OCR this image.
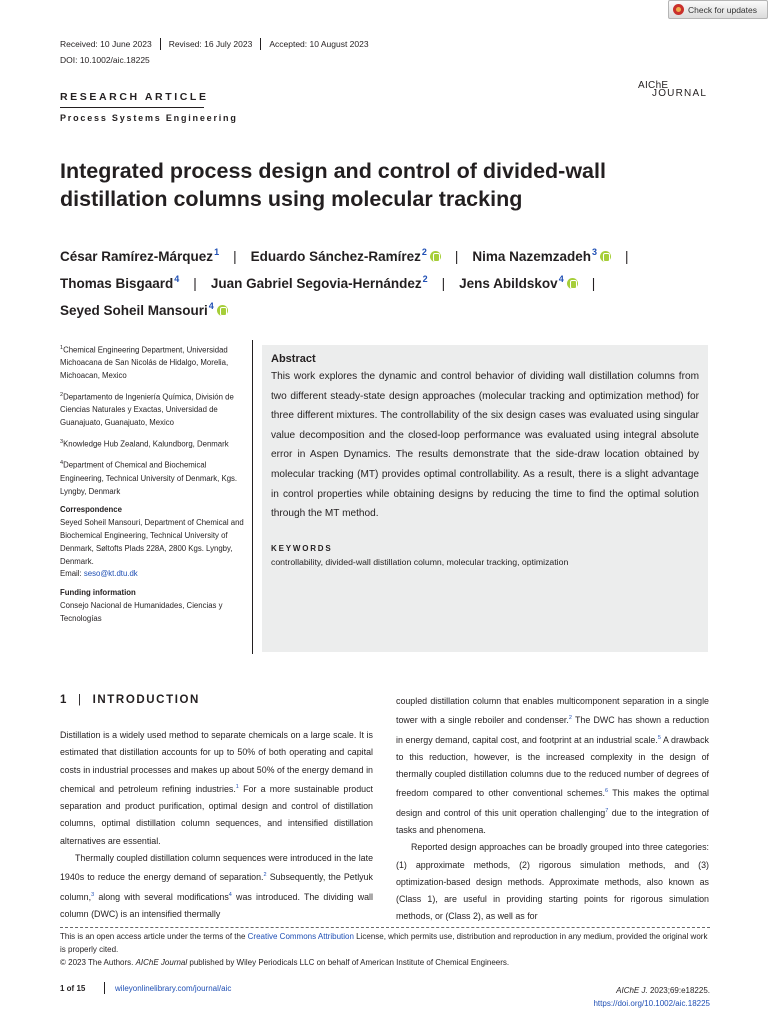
Check for updates
Received: 10 June 2023 Revised: 16 July 2023 Accepted: 10 August 2023
DOI: 10.1002/aic.18225
AIChE
JOURNAL
RESEARCH ARTICLE
Process Systems Engineering
Integrated process design and control of divided-wall distillation columns using molecular tracking
César Ramírez-Márquez$^1$ | Eduardo Sánchez-Ramírez$^2$ | Nima Nazemzadeh$^3$ |
Thomas Bisgaard$^4$ | Juan Gabriel Segovia-Hernández$^2$ | Jens Abildskov$^4$ |
Seyed Soheil Mansouri$^4$

$^1$Chemical Engineering Department, Universidad Michoacana de San Nicolás de Hidalgo, Morelia, Michoacan, Mexico

$^2$Departamento de Ingeniería Química, División de Ciencias Naturales y Exactas, Universidad de Guanajuato, Guanajuato, Mexico

$^3$Knowledge Hub Zealand, Kalundborg, Denmark

$^4$Department of Chemical and Biochemical Engineering, Technical University of Denmark, Kgs. Lyngby, Denmark

Correspondence

Seyed Soheil Mansouri, Department of Chemical and Biochemical Engineering, Technical University of Denmark, Søltofts Plads 228A, 2800 Kgs. Lyngby, Denmark.
Email: seso@kt.dtu.dk

Funding information

Consejo Nacional de Humanidades, Ciencias y Tecnologías

Abstract
This work explores the dynamic and control behavior of dividing wall distillation columns from two different steady-state design approaches (molecular tracking and optimization method) for three different mixtures. The controllability of the six design cases was evaluated using singular value decomposition and the closed-loop performance was evaluated using integral absolute error in Aspen Dynamics. The results demonstrate that the side-draw location obtained by molecular tracking (MT) provides optimal controllability. As a result, there is a slight advantage in control properties while obtaining designs by reducing the time to find the optimal solution through the MT method.
KEYWORDS
controllability, divided-wall distillation column, molecular tracking, optimization
1 | INTRODUCTION

Distillation is a widely used method to separate chemicals on a large scale. It is estimated that distillation accounts for up to 50% of both operating and capital costs in industrial processes and makes up about 50% of the energy demand in chemical and petroleum refining industries.$^1$ For a more sustainable product separation and product purification, optimal design and control of distillation columns, optimal distillation column sequences, and intensified distillation alternatives are essential.

Thermally coupled distillation column sequences were introduced in the late 1940s to reduce the energy demand of separation.$^2$ Subsequently, the Petlyuk column,$^3$ along with several modifications$^4$ was introduced. The dividing wall column (DWC) is an intensified thermally

coupled distillation column that enables multicomponent separation in a single tower with a single reboiler and condenser.$^2$ The DWC has shown a reduction in energy demand, capital cost, and footprint at an industrial scale.$^5$ A drawback to this reduction, however, is the increased complexity in the design of thermally coupled distillation columns due to the reduced number of degrees of freedom compared to other conventional schemes.$^6$ This makes the optimal design and control of this unit operation challenging$^7$ due to the integration of tasks and phenomena.

Reported design approaches can be broadly grouped into three categories: (1) approximate methods, (2) rigorous simulation methods, and (3) optimization-based design methods. Approximate methods, also known as (Class 1), are useful in providing starting points for rigorous simulation methods, or (Class 2), as well as for

This is an open access article under the terms of the Creative Commons Attribution License, which permits use, distribution and reproduction in any medium, provided the original work is properly cited.

© 2023 The Authors. AIChE Journal published by Wiley Periodicals LLC on behalf of American Institute of Chemical Engineers.

1 of 15	wileyonlinelibrary.com/journal/aic	AIChE J. 2023;69:e18225.
https://doi.org/10.1002/aic.18225
